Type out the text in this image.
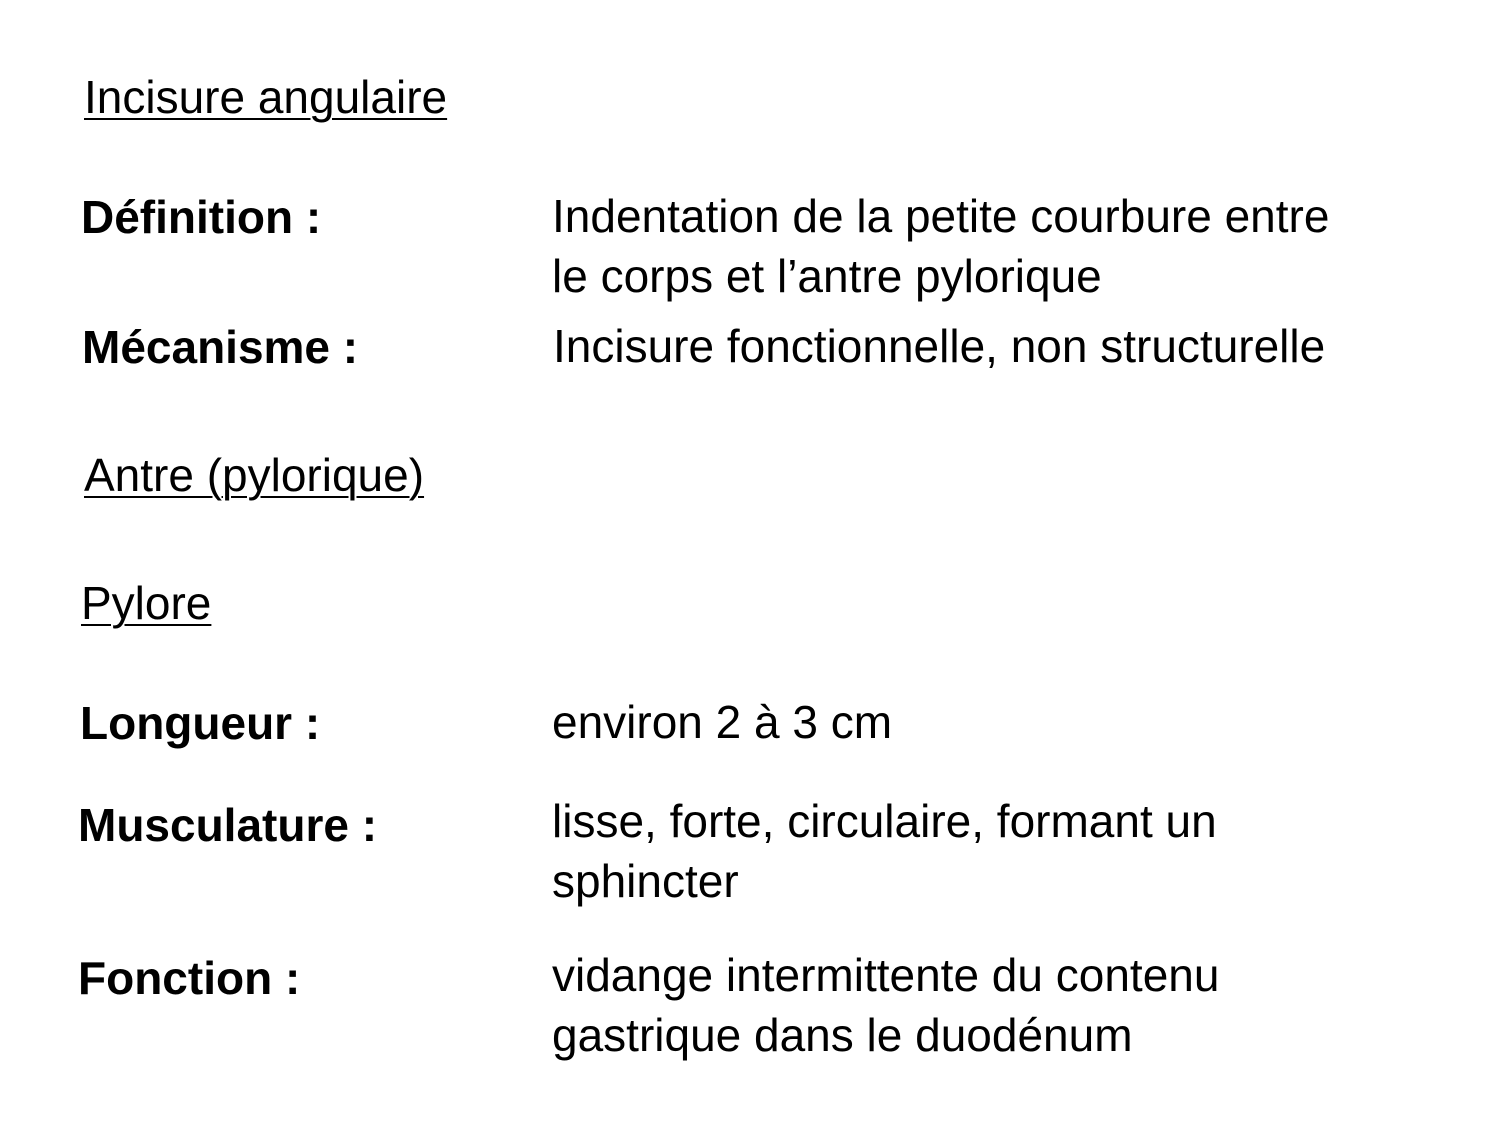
Incisure angulaire
Définition :	Indentation de la petite courbure entre
le corps et l’antre pylorique
Mécanisme :	Incisure fonctionnelle, non structurelle
Antre (pylorique)
Pylore
Longueur :	environ 2 à 3 cm
Musculature :	lisse, forte, circulaire, formant un
sphincter
Fonction :	vidange intermittente du contenu
gastrique dans le duodénum
